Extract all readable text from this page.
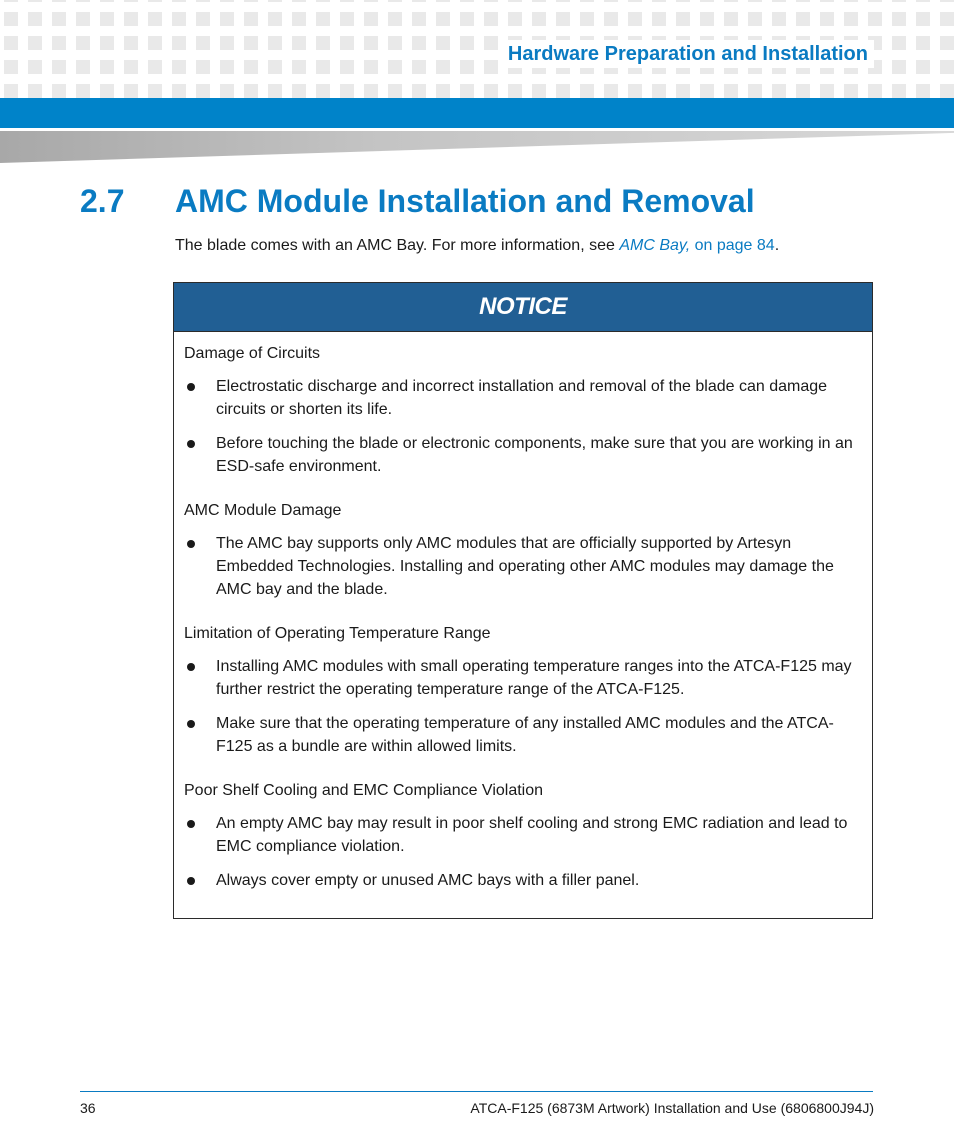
Hardware Preparation and Installation
2.7 AMC Module Installation and Removal
The blade comes with an AMC Bay. For more information, see AMC Bay, on page 84.
NOTICE

Damage of Circuits

Electrostatic discharge and incorrect installation and removal of the blade can damage circuits or shorten its life.
Before touching the blade or electronic components, make sure that you are working in an ESD-safe environment.

AMC Module Damage

The AMC bay supports only AMC modules that are officially supported by Artesyn Embedded Technologies. Installing and operating other AMC modules may damage the AMC bay and the blade.

Limitation of Operating Temperature Range

Installing AMC modules with small operating temperature ranges into the ATCA-F125 may further restrict the operating temperature range of the ATCA-F125.
Make sure that the operating temperature of any installed AMC modules and the ATCA-F125 as a bundle are within allowed limits.

Poor Shelf Cooling and EMC Compliance Violation

An empty AMC bay may result in poor shelf cooling and strong EMC radiation and lead to EMC compliance violation.
Always cover empty or unused AMC bays with a filler panel.
36	ATCA-F125 (6873M Artwork) Installation and Use (6806800J94J)
